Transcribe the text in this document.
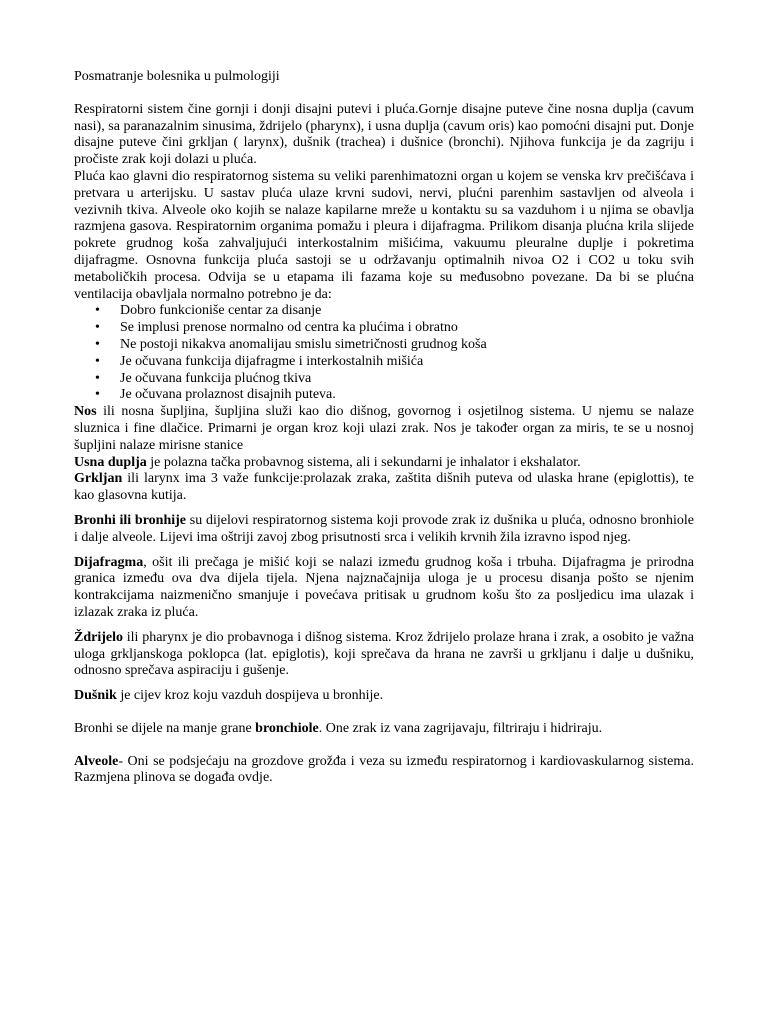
Posmatranje bolesnika u pulmologiji

Respiratorni sistem čine gornji i donji disajni putevi i pluća.Gornje disajne puteve čine nosna duplja (cavum nasi), sa paranazalnim sinusima, ždrijelo (pharynx), i usna duplja (cavum oris) kao pomoćni disajni put. Donje disajne puteve čini grkljan ( larynx), dušnik (trachea) i dušnice (bronchi). Njihova funkcija je da zagriju i pročiste zrak koji dolazi u pluća.

Pluća kao glavni dio respiratornog sistema su veliki parenhimatozni organ u kojem se venska krv prečišćava i pretvara u arterijsku. U sastav pluća ulaze krvni sudovi, nervi, plućni parenhim sastavljen od alveola i vezivnih tkiva. Alveole oko kojih se nalaze kapilarne mreže u kontaktu su sa vazduhom i u njima se obavlja razmjena gasova. Respiratornim organima pomažu i pleura i dijafragma. Prilikom disanja plućna krila slijede pokrete grudnog koša zahvaljujući interkostalnim mišićima, vakuumu pleuralne duplje i pokretima dijafragme. Osnovna funkcija pluća sastoji se u održavanju optimalnih nivoa O2 i CO2 u toku svih metaboličkih procesa. Odvija se u etapama ili fazama koje su međusobno povezane. Da bi se plućna ventilacija obavljala normalno potrebno je da:

• Dobro funkcioniše centar za disanje
• Se implusi prenose normalno od centra ka plućima i obratno
• Ne postoji nikakva anomalijau smislu simetričnosti grudnog koša
• Je očuvana funkcija dijafragme i interkostalnih mišića
• Je očuvana funkcija plućnog tkiva
• Je očuvana prolaznost disajnih puteva.

Nos ili nosna šupljina, šupljina služi kao dio dišnog, govornog i osjetilnog sistema. U njemu se nalaze sluznica i fine dlačice. Primarni je organ kroz koji ulazi zrak. Nos je također organ za miris, te se u nosnoj šupljini nalaze mirisne stanice

Usna duplja je polazna tačka probavnog sistema, ali i sekundarni je inhalator i ekshalator.

Grkljan ili larynx ima 3 važe funkcije:prolazak zraka, zaštita dišnih puteva od ulaska hrane (epiglottis), te kao glasovna kutija.

Bronhi ili bronhije su dijelovi respiratornog sistema koji provode zrak iz dušnika u pluća, odnosno bronhiole i dalje alveole. Lijevi ima oštriji zavoj zbog prisutnosti srca i velikih krvnih žila izravno ispod njeg.

Dijafragma, ošit ili prečaga je mišić koji se nalazi između grudnog koša i trbuha. Dijafragma je prirodna granica između ova dva dijela tijela. Njena najznačajnija uloga je u procesu disanja pošto se njenim kontrakcijama naizmenično smanjuje i povećava pritisak u grudnom košu što za posljedicu ima ulazak i izlazak zraka iz pluća.

Ždrijelo ili pharynx je dio probavnoga i dišnog sistema. Kroz ždrijelo prolaze hrana i zrak, a osobito je važna uloga grkljanskoga poklopca (lat. epiglotis), koji sprečava da hrana ne završi u grkljanu i dalje u dušniku, odnosno sprečava aspiraciju i gušenje.

Dušnik je cijev kroz koju vazduh dospijeva u bronhije.

Bronhi se dijele na manje grane bronchiole. One zrak iz vana zagrijavaju, filtriraju i hidriraju.

Alveole- Oni se podsjećaju na grozdove grožđa i veza su između respiratornog i kardiovaskularnog sistema. Razmjena plinova se događa ovdje.
